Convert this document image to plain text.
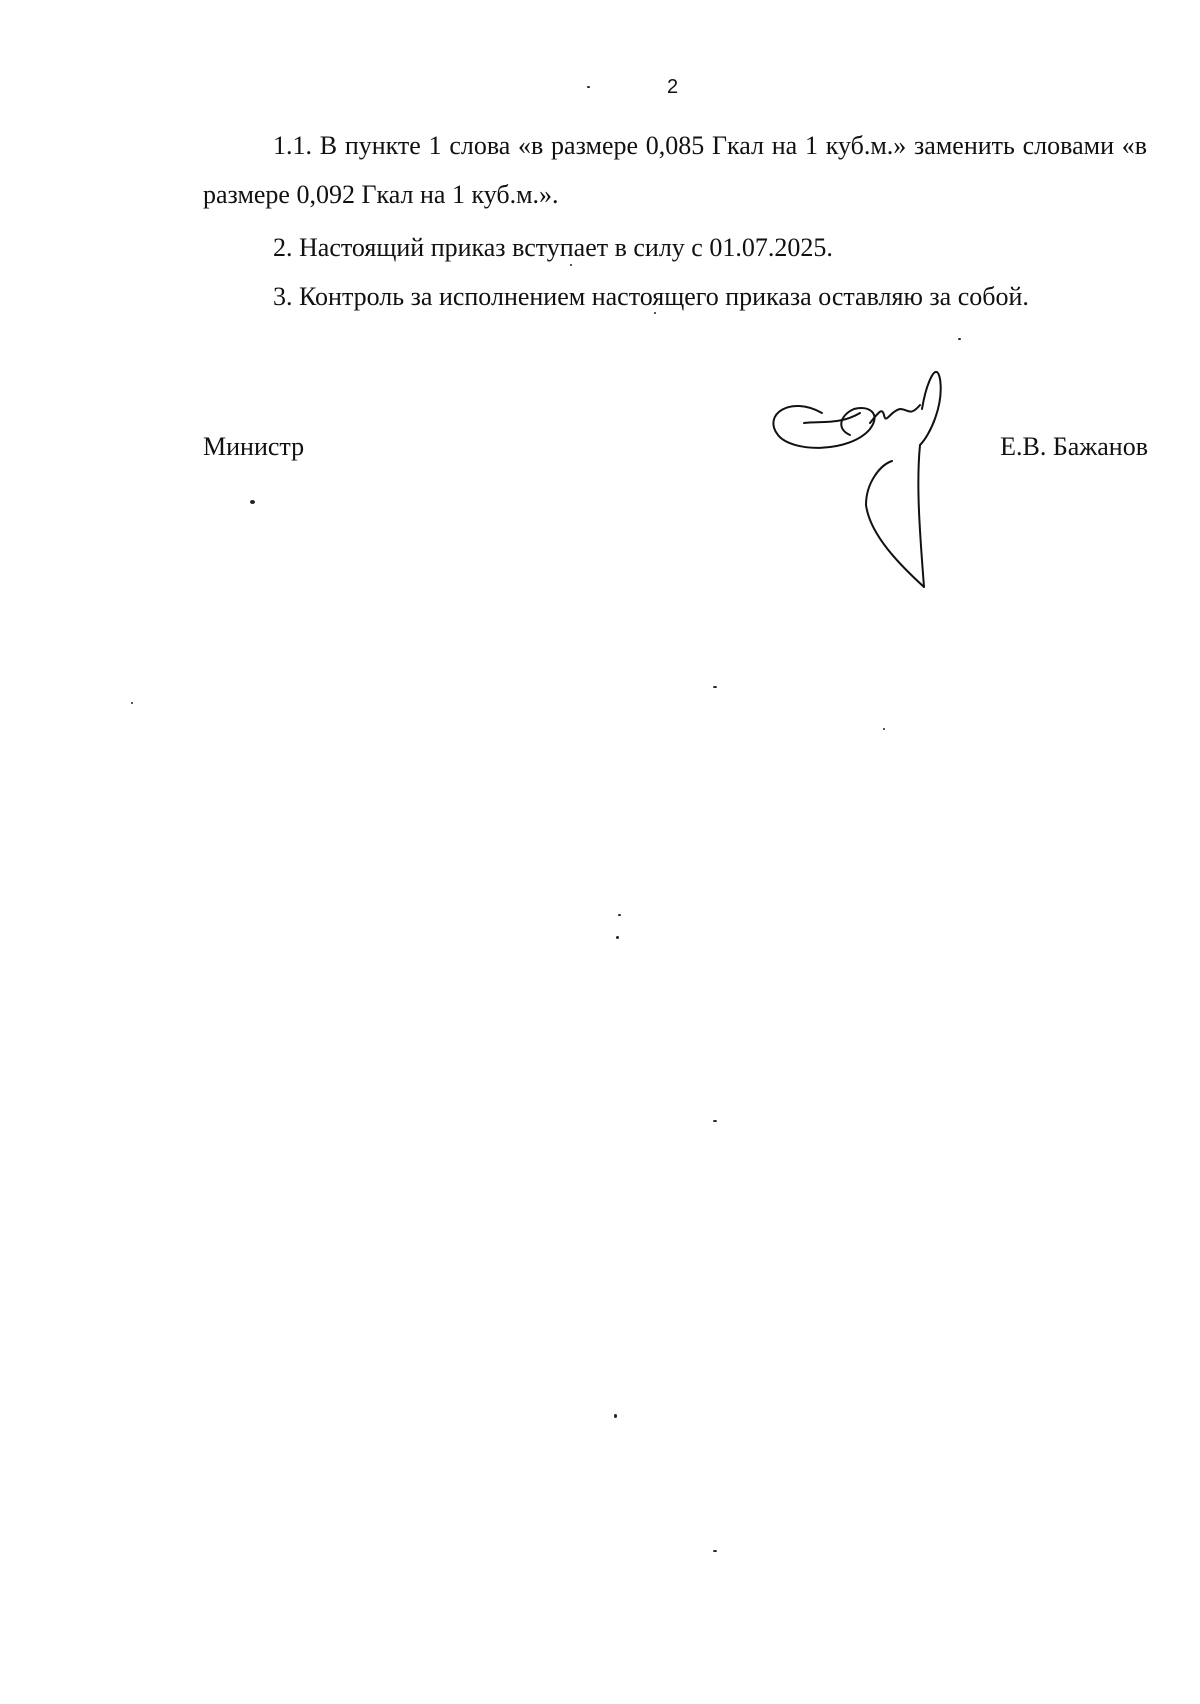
2
1.1. В пункте 1 слова «в размере 0,085 Гкал на 1 куб.м.» заменить словами «в размере 0,092 Гкал на 1 куб.м.».
2. Настоящий приказ вступает в силу с 01.07.2025.
3. Контроль за исполнением настоящего приказа оставляю за собой.
Министр	Е.В. Бажанов
